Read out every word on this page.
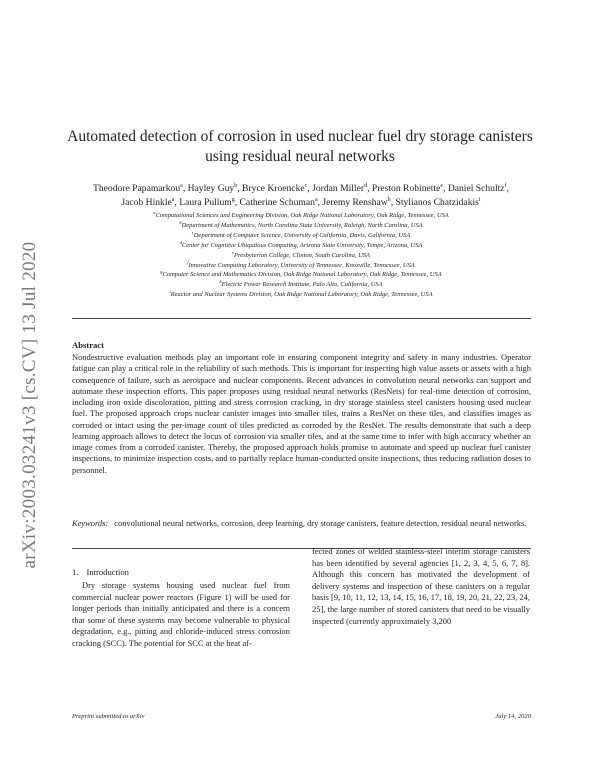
arXiv:2003.03241v3 [cs.CV] 13 Jul 2020
Automated detection of corrosion in used nuclear fuel dry storage canisters
using residual neural networks
Theodore Papamarkou$^a$, Hayley Guy$^b$, Bryce Kroencke$^c$, Jordan Miller$^d$, Preston Robinette$^e$, Daniel Schultz$^f$, Jacob Hinkle$^a$, Laura Pullum$^g$, Catherine Schuman$^a$, Jeremy Renshaw$^h$, Stylianos Chatzidakis$^i$
$^a$Computational Sciences and Engineering Division, Oak Ridge National Laboratory, Oak Ridge, Tennessee, USA
$^b$Department of Mathematics, North Carolina State University, Raleigh, North Carolina, USA
$^c$Department of Computer Science, University of California, Davis, California, USA
$^d$Center for Cognitive Ubiquitous Computing, Arizona State University, Tempe, Arizona, USA
$^e$Presbyterian College, Clinton, South Carolina, USA
$^f$Innovative Computing Laboratory, University of Tennessee, Knoxville, Tennessee, USA
$^g$Computer Science and Mathematics Division, Oak Ridge National Laboratory, Oak Ridge, Tennessee, USA
$^h$Electric Power Research Institute, Palo Alto, California, USA
$^i$Reactor and Nuclear Systems Division, Oak Ridge National Laboratory, Oak Ridge, Tennessee, USA
Abstract

Nondestructive evaluation methods play an important role in ensuring component integrity and safety in many industries. Operator fatigue can play a critical role in the reliability of such methods. This is important for inspecting high value assets or assets with a high consequence of failure, such as aerospace and nuclear components. Recent advances in convolution neural networks can support and automate these inspection efforts. This paper proposes using residual neural networks (ResNets) for real-time detection of corrosion, including iron oxide discoloration, pitting and stress corrosion cracking, in dry storage stainless steel canisters housing used nuclear fuel. The proposed approach crops nuclear canister images into smaller tiles, trains a ResNet on these tiles, and classifies images as corroded or intact using the per-image count of tiles predicted as corroded by the ResNet. The results demonstrate that such a deep learning approach allows to detect the locus of corrosion via smaller tiles, and at the same time to infer with high accuracy whether an image comes from a corroded canister. Thereby, the proposed approach holds promise to automate and speed up nuclear fuel canister inspections, to minimize inspection costs, and to partially replace human-conducted onsite inspections, thus reducing radiation doses to personnel.

Keywords: convolutional neural networks, corrosion, deep learning, dry storage canisters, feature detection, residual neural networks.

1. Introduction

Dry storage systems housing used nuclear fuel from commercial nuclear power reactors (Figure 1) will be used for longer periods than initially anticipated and there is a concern that some of these systems may become vulnerable to physical degradation, e.g., pitting and chloride-induced stress corrosion cracking (SCC). The potential for SCC at the heat af-

fected zones of welded stainless-steel interim storage canisters has been identified by several agencies [1, 2, 3, 4, 5, 6, 7, 8]. Although this concern has motivated the development of delivery systems and inspection of these canisters on a regular basis [9, 10, 11, 12, 13, 14, 15, 16, 17, 18, 19, 20, 21, 22, 23, 24, 25], the large number of stored canisters that need to be visually inspected (currently approximately 3,200

Preprint submitted to arXiv	July 14, 2020
